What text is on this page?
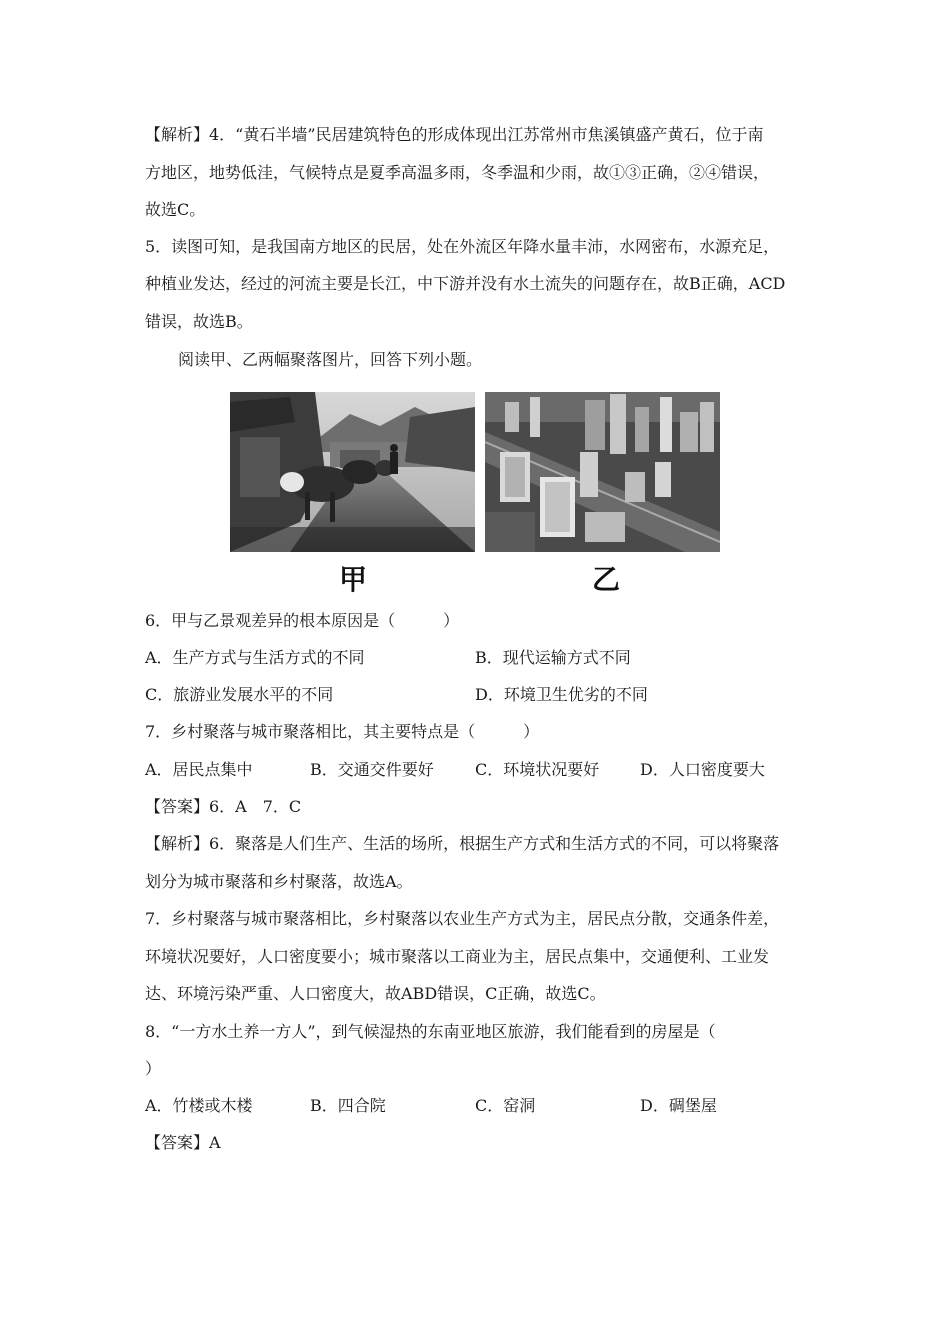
【解析】4．“黄石半墙”民居建筑特色的形成体现出江苏常州市焦溪镇盛产黄石，位于南
方地区，地势低洼，气候特点是夏季高温多雨，冬季温和少雨，故①③正确，②④错误，
故选C。
5．读图可知，是我国南方地区的民居，处在外流区年降水量丰沛，水网密布，水源充足，
种植业发达，经过的河流主要是长江，中下游并没有水土流失的问题存在，故B正确，ACD
错误，故选B。
阅读甲、乙两幅聚落图片，回答下列小题。
甲	乙
6．甲与乙景观差异的根本原因是（　　　）
A．生产方式与生活方式的不同	B．现代运输方式不同
C．旅游业发展水平的不同	D．环境卫生优劣的不同
7．乡村聚落与城市聚落相比，其主要特点是（　　　）
A．居民点集中	B．交通交件要好	C．环境状况要好	D．人口密度要大
【答案】6．A　7．C
【解析】6．聚落是人们生产、生活的场所，根据生产方式和生活方式的不同，可以将聚落
划分为城市聚落和乡村聚落，故选A。
7．乡村聚落与城市聚落相比，乡村聚落以农业生产方式为主，居民点分散，交通条件差，
环境状况要好，人口密度要小；城市聚落以工商业为主，居民点集中，交通便利、工业发
达、环境污染严重、人口密度大，故ABD错误，C正确，故选C。
8．“一方水土养一方人”，到气候湿热的东南亚地区旅游，我们能看到的房屋是（
）
A．竹楼或木楼	B．四合院	C．窑洞	D．碉堡屋
【答案】A
